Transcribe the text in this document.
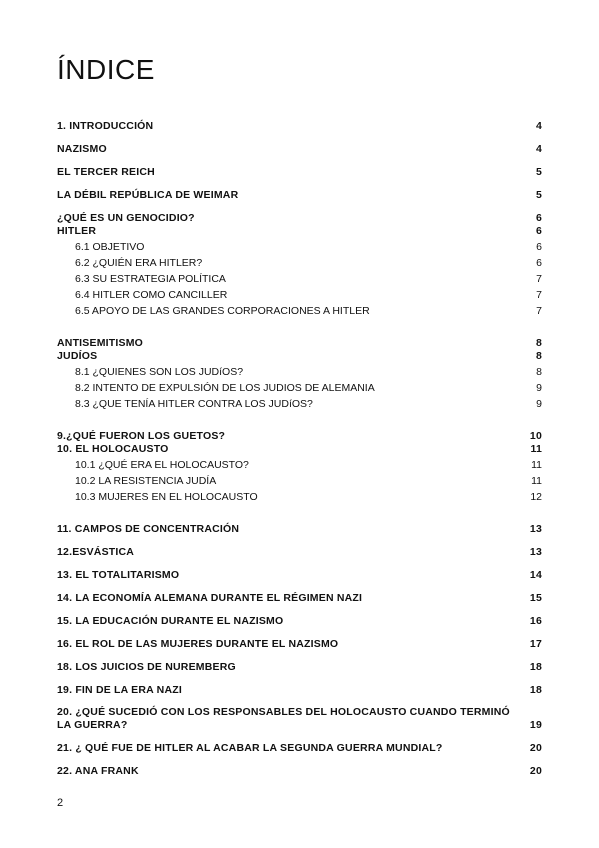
ÍNDICE
1. INTRODUCCIÓN	4
NAZISMO	4
EL TERCER REICH	5
LA DÉBIL REPÚBLICA DE WEIMAR	5
¿QUÉ ES UN GENOCIDIO?	6
HITLER	6
6.1 OBJETIVO	6
6.2 ¿QUIÉN ERA HITLER?	6
6.3 SU ESTRATEGIA POLÍTICA	7
6.4 HITLER COMO CANCILLER	7
6.5 APOYO DE LAS GRANDES CORPORACIONES A HITLER	7
ANTISEMITISMO	8
JUDÍOS	8
8.1 ¿QUIENES SON LOS JUDíOS?	8
8.2 INTENTO DE EXPULSIÓN DE LOS JUDIOS DE ALEMANIA	9
8.3 ¿QUE TENÍA HITLER CONTRA LOS JUDíOS?	9
9.¿QUÉ FUERON LOS GUETOS?	10
10. EL HOLOCAUSTO	11
10.1 ¿QUÉ ERA EL HOLOCAUSTO?	11
10.2 LA RESISTENCIA JUDÍA	11
10.3 MUJERES EN EL HOLOCAUSTO	12
11. CAMPOS DE CONCENTRACIÓN	13
12.ESVÁSTICA	13
13. EL TOTALITARISMO	14
14. LA ECONOMÍA ALEMANA DURANTE EL RÉGIMEN NAZI	15
15. LA EDUCACIÓN DURANTE EL NAZISMO	16
16. EL ROL DE LAS MUJERES DURANTE EL NAZISMO	17
18. LOS JUICIOS DE NUREMBERG	18
19. FIN DE LA ERA NAZI	18
20. ¿QUÉ SUCEDIÓ CON LOS RESPONSABLES DEL HOLOCAUSTO CUANDO TERMINÓ LA GUERRA?	19
21. ¿ QUÉ FUE DE HITLER AL ACABAR LA SEGUNDA GUERRA MUNDIAL?	20
22. ANA FRANK	20
2
